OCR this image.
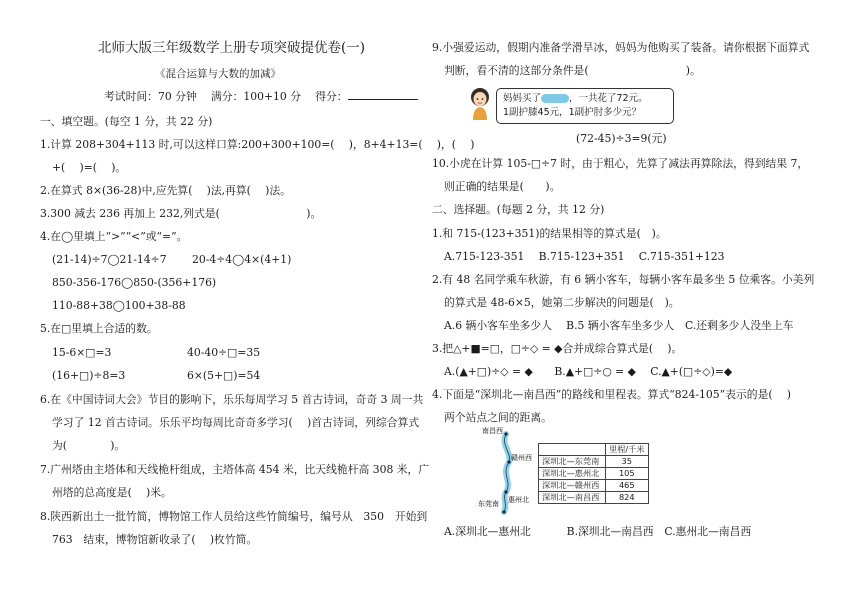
北师大版三年级数学上册专项突破提优卷(一)
《混合运算与大数的加减》
考试时间：70 分钟　 满分：100+10 分　 得分：
一、填空题。(每空 1 分，共 22 分)
1.计算 208+304+113 时,可以这样口算:200+300+100=(　 )，8+4+13=(　 )，(　 )
+(　 )=(　 )。
2.在算式 8×(36-28)中,应先算(　 )法,再算(　 )法。
3.300 减去 236 再加上 232,列式是(　　　　　　　　)。
4.在◯里填上“>”“<”或“=”。
(21-14)÷7◯21-14÷7 20-4÷4◯4×(4+1)
850-356-176◯850-(356+176)
110-88+38◯100+38-88
5.在□里填上合适的数。
15-6×□=3	40-40÷□=35
(16+□)÷8=3	6×(5+□)=54
6.在《中国诗词大会》节目的影响下，乐乐每周学习 5 首古诗词，奇奇 3 周一共
学习了 12 首古诗词。乐乐平均每周比奇奇多学习(　 )首古诗词，列综合算式
为(　　　　)。
7.广州塔由主塔体和天线桅杆组成，主塔体高 454 米，比天线桅杆高 308 米，广
州塔的总高度是(　 )米。
8.陕西新出土一批竹简，博物馆工作人员给这些竹简编号，编号从　350　开始到
763　结束，博物馆新收录了(　 )枚竹简。
9.小强爱运动，假期内准备学滑旱冰，妈妈为他购买了装备。请你根据下面算式
判断，看不清的这部分条件是(　　　　　　　　　)。
妈妈买了	，一共花了72元。
1副护膝45元，1副护肘多少元？
(72-45)÷3=9(元)
10.小虎在计算 105-□÷7 时，由于粗心，先算了减法再算除法，得到结果 7，
则正确的结果是(　　)。
二、选择题。(每题 2 分，共 12 分)
1.和 715-(123+351)的结果相等的算式是(　)。
A.715-123-351　 B.715-123+351　 C.715-351+123
2.有 48 名同学乘车秋游，有 6 辆小客车，每辆小客车最多坐 5 位乘客。小美列
的算式是 48-6×5，她第二步解决的问题是(　)。
A.6 辆小客车坐多少人　 B.5 辆小客车坐多少人　C.还剩多少人没坐上车
3.把△+■=□，□÷◇ = ◆合并成综合算式是(　 )。
A.(▲+□)÷◇ = ◆　　B.▲+□÷○ = ◆　 C.▲+(□÷◇)=◆
4.下面是“深圳北—南昌西”的路线和里程表。算式“824-105”表示的是(　 )
两个站点之间的距离。
南昌西
赣州西
东莞南 惠州北
	里程/千米
深圳北—东莞南	35
深圳北—惠州北	105
深圳北—赣州西	465
深圳北—南昌西	824
A.深圳北—惠州北　　　 B.深圳北—南昌西　C.惠州北—南昌西
